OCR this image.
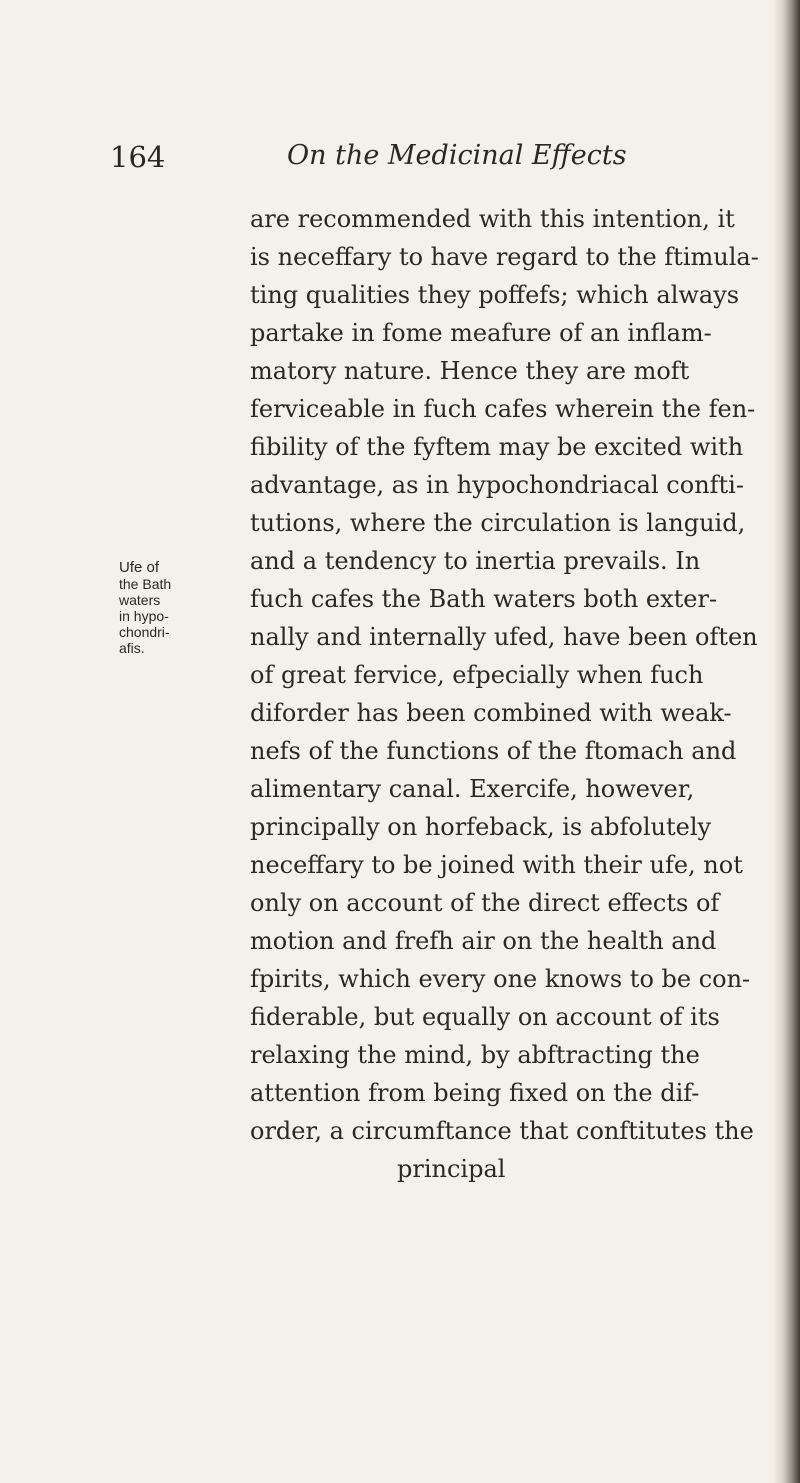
164	On the Medicinal Effects
Ufe of
the Bath
waters
in hypo-
chondri-
afis.
are recommended with this intention, it
is neceffary to have regard to the ftimula-
ting qualities they poffefs; which always
partake in fome meafure of an inflam-
matory nature. Hence they are moft
ferviceable in fuch cafes wherein the fen-
fibility of the fyftem may be excited with
advantage, as in hypochondriacal confti-
tutions, where the circulation is languid,
and a tendency to inertia prevails. In
fuch cafes the Bath waters both exter-
nally and internally ufed, have been often
of great fervice, efpecially when fuch
diforder has been combined with weak-
nefs of the functions of the ftomach and
alimentary canal. Exercife, however,
principally on horfeback, is abfolutely
neceffary to be joined with their ufe, not
only on account of the direct effects of
motion and frefh air on the health and
fpirits, which every one knows to be con-
fiderable, but equally on account of its
relaxing the mind, by abftracting the
attention from being fixed on the dif-
order, a circumftance that conftitutes the
principal
